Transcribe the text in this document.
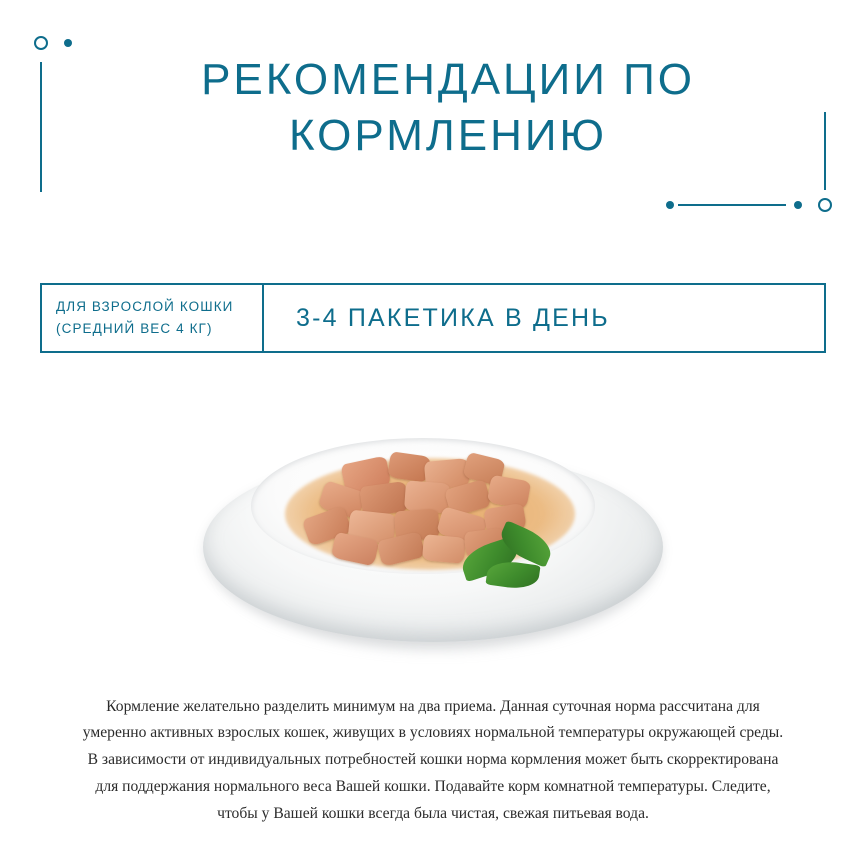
РЕКОМЕНДАЦИИ ПО КОРМЛЕНИЮ
ДЛЯ ВЗРОСЛОЙ КОШКИ
(СРЕДНИЙ ВЕС 4 КГ)	3-4 ПАКЕТИКА В ДЕНЬ

Кормление желательно разделить минимум на два приема. Данная суточная норма рассчитана для умеренно активных взрослых кошек, живущих в условиях нормальной температуры окружающей среды. В зависимости от индивидуальных потребностей кошки норма кормления может быть скорректирована для поддержания нормального веса Вашей кошки. Подавайте корм комнатной температуры. Следите, чтобы у Вашей кошки всегда была чистая, свежая питьевая вода.
